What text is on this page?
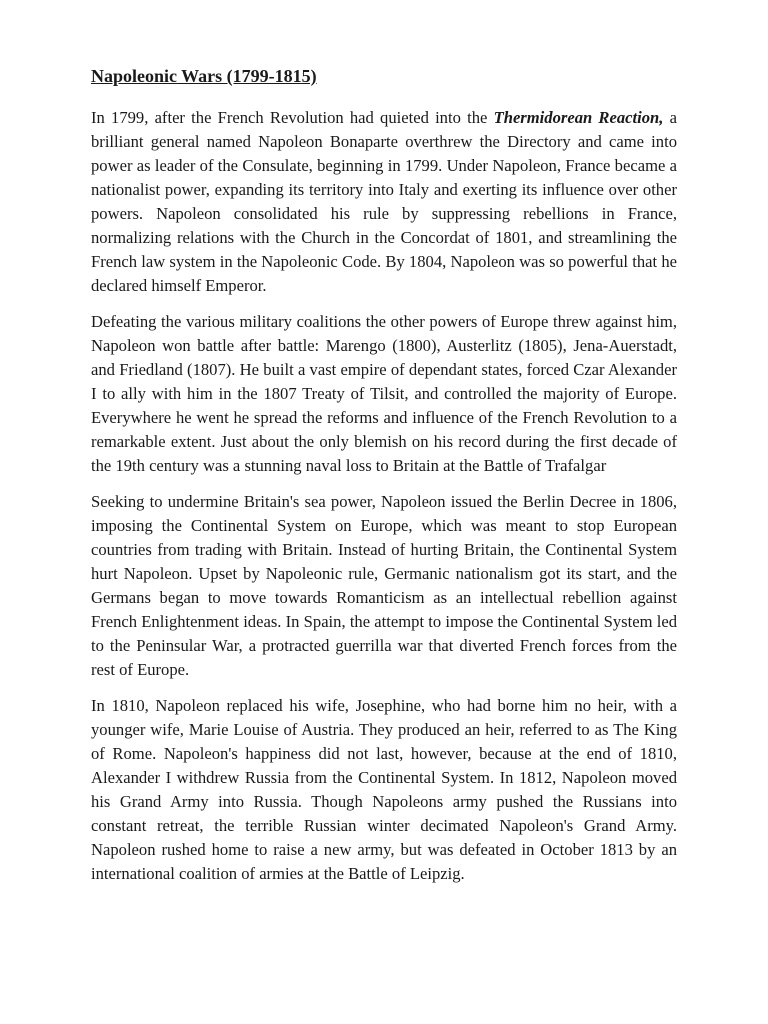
Napoleonic Wars (1799-1815)

In 1799, after the French Revolution had quieted into the Thermidorean Reaction, a brilliant general named Napoleon Bonaparte overthrew the Directory and came into power as leader of the Consulate, beginning in 1799. Under Napoleon, France became a nationalist power, expanding its territory into Italy and exerting its influence over other powers. Napoleon consolidated his rule by suppressing rebellions in France, normalizing relations with the Church in the Concordat of 1801, and streamlining the French law system in the Napoleonic Code. By 1804, Napoleon was so powerful that he declared himself Emperor.

Defeating the various military coalitions the other powers of Europe threw against him, Napoleon won battle after battle: Marengo (1800), Austerlitz (1805), Jena-Auerstadt, and Friedland (1807). He built a vast empire of dependant states, forced Czar Alexander I to ally with him in the 1807 Treaty of Tilsit, and controlled the majority of Europe. Everywhere he went he spread the reforms and influence of the French Revolution to a remarkable extent. Just about the only blemish on his record during the first decade of the 19th century was a stunning naval loss to Britain at the Battle of Trafalgar

Seeking to undermine Britain's sea power, Napoleon issued the Berlin Decree in 1806, imposing the Continental System on Europe, which was meant to stop European countries from trading with Britain. Instead of hurting Britain, the Continental System hurt Napoleon. Upset by Napoleonic rule, Germanic nationalism got its start, and the Germans began to move towards Romanticism as an intellectual rebellion against French Enlightenment ideas. In Spain, the attempt to impose the Continental System led to the Peninsular War, a protracted guerrilla war that diverted French forces from the rest of Europe.

In 1810, Napoleon replaced his wife, Josephine, who had borne him no heir, with a younger wife, Marie Louise of Austria. They produced an heir, referred to as The King of Rome. Napoleon's happiness did not last, however, because at the end of 1810, Alexander I withdrew Russia from the Continental System. In 1812, Napoleon moved his Grand Army into Russia. Though Napoleons army pushed the Russians into constant retreat, the terrible Russian winter decimated Napoleon's Grand Army. Napoleon rushed home to raise a new army, but was defeated in October 1813 by an international coalition of armies at the Battle of Leipzig.
